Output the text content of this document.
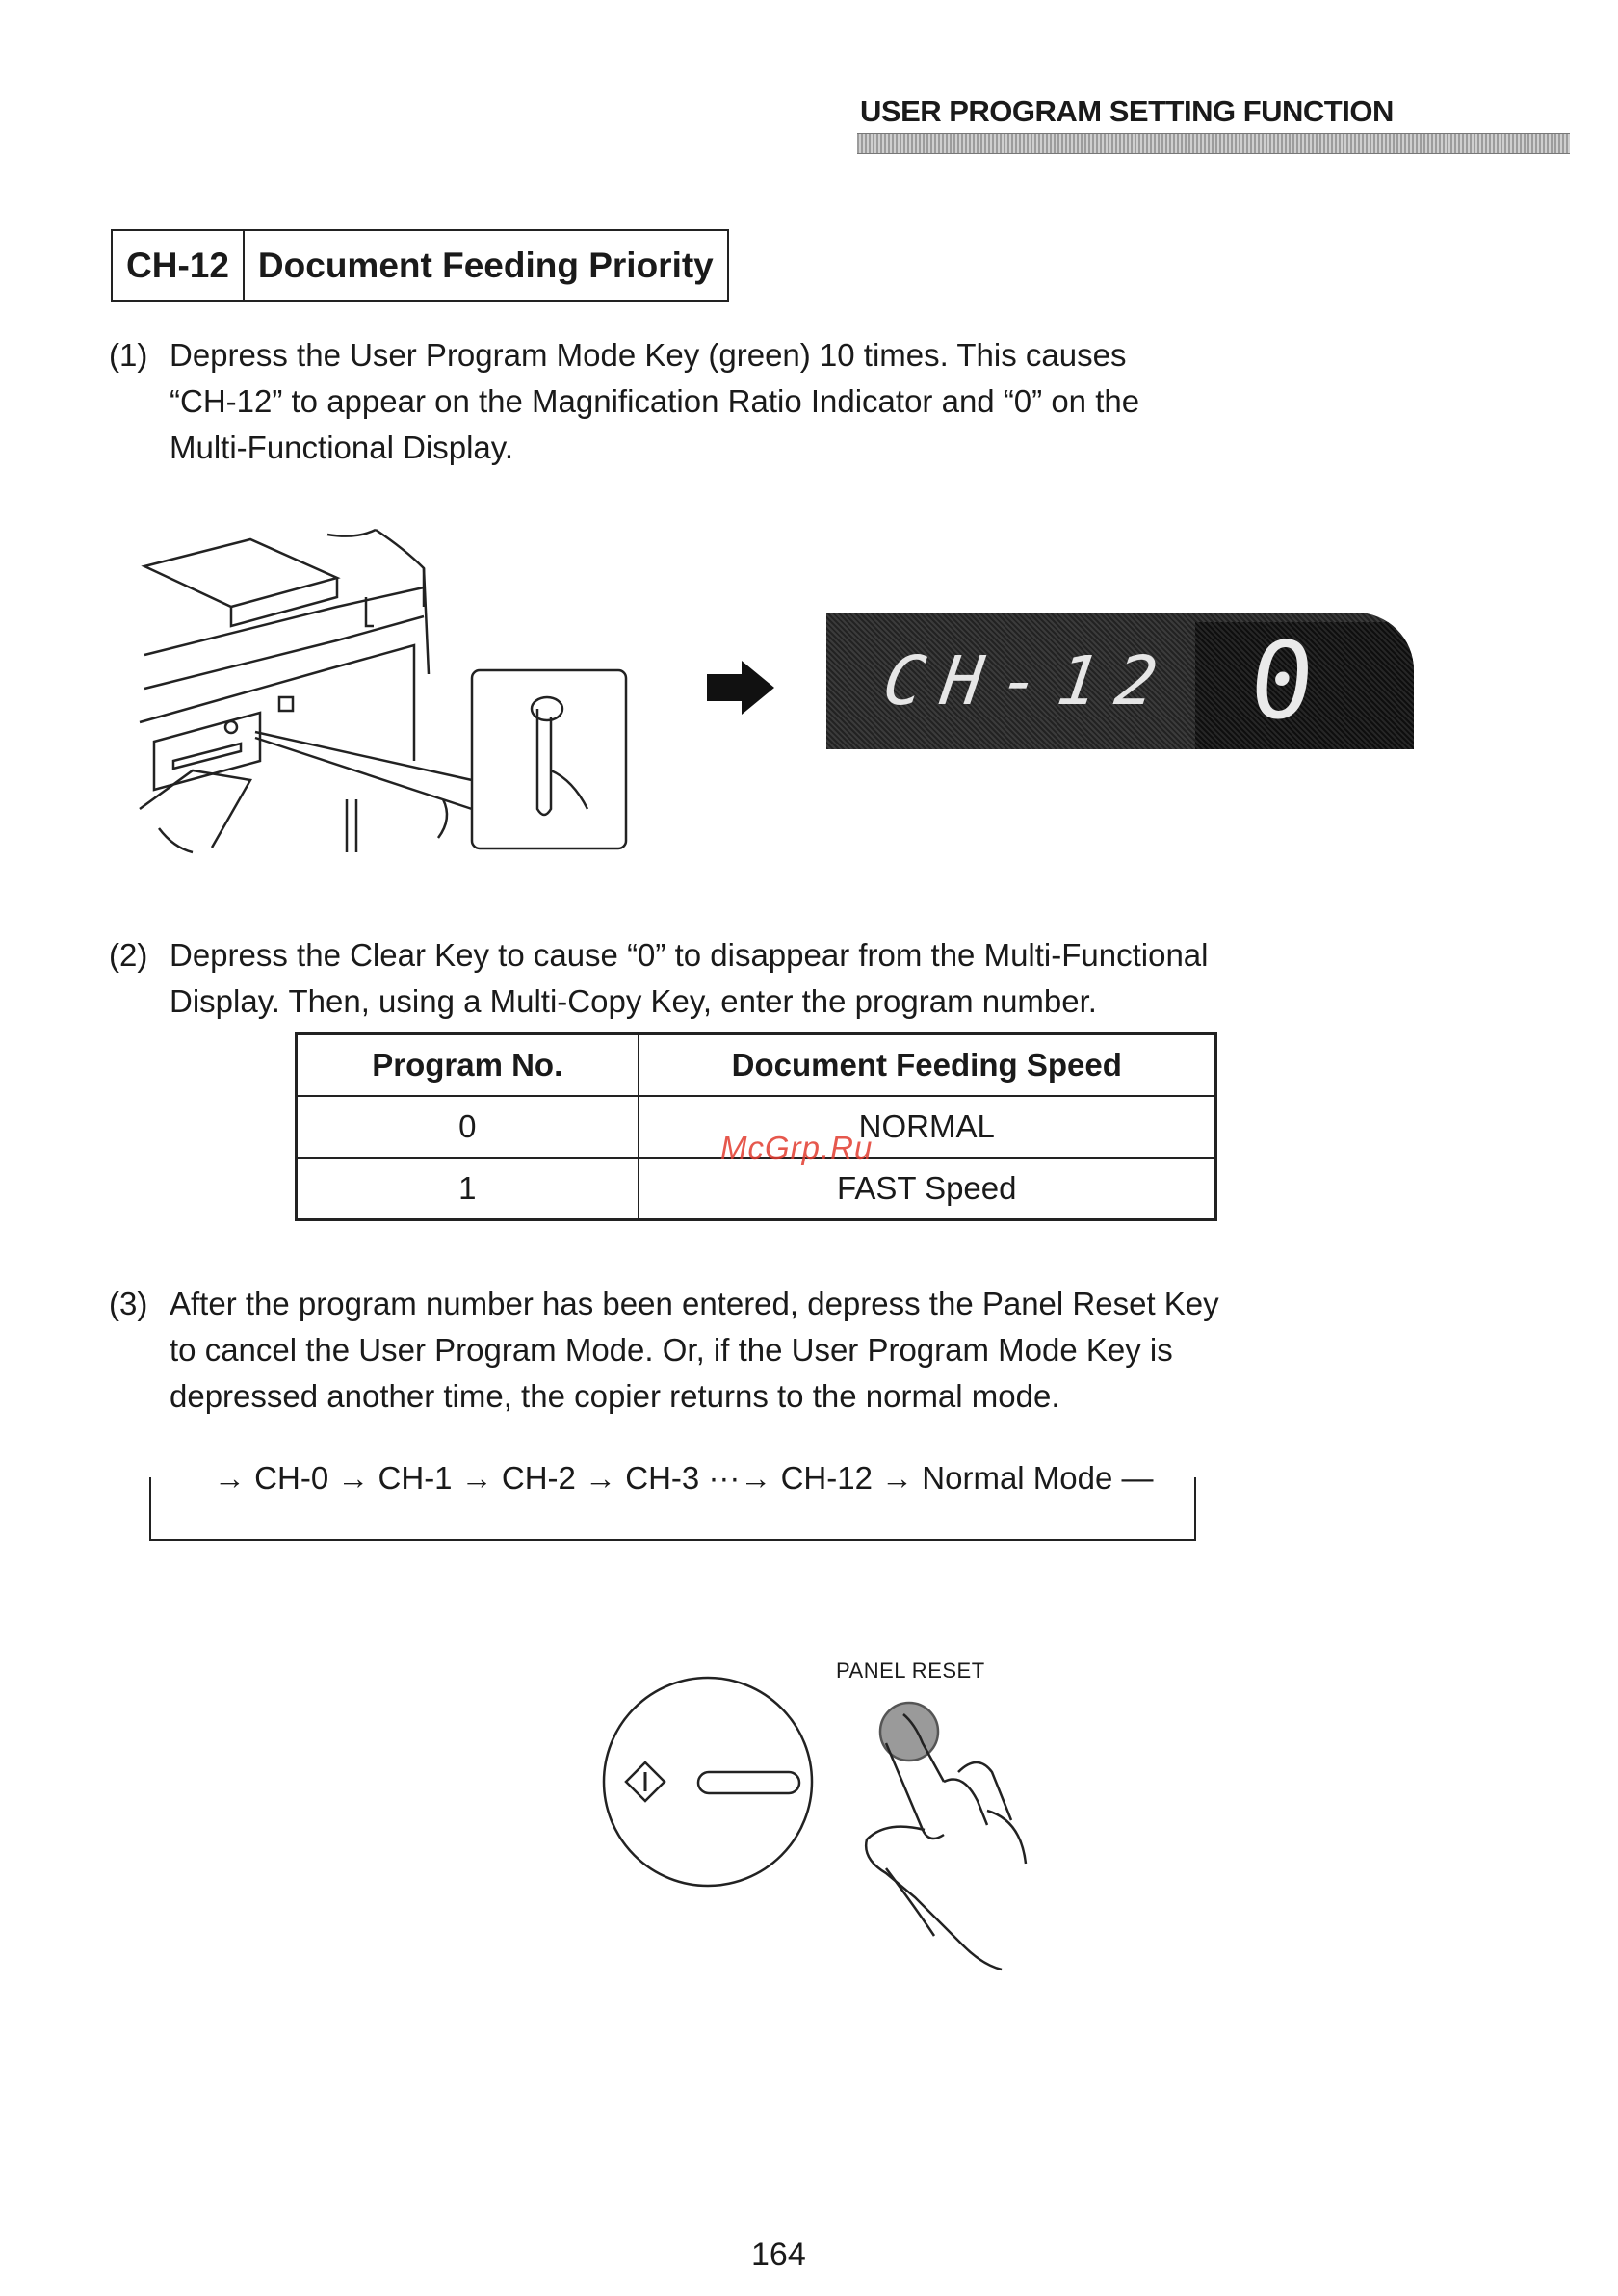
USER PROGRAM SETTING FUNCTION
CH-12 Document Feeding Priority
(1) Depress the User Program Mode Key (green) 10 times. This causes
“CH-12” to appear on the Magnification Ratio Indicator and “0” on the
Multi-Functional Display.
CH-12 0
(2) Depress the Clear Key to cause “0” to disappear from the Multi-Functional
Display. Then, using a Multi-Copy Key, enter the program number.
Program No.	Document Feeding Speed
0	NORMAL
1	FAST Speed
McGrp.Ru
(3) After the program number has been entered, depress the Panel Reset Key
to cancel the User Program Mode. Or, if the User Program Mode Key is
depressed another time, the copier returns to the normal mode.
→ CH-0 → CH-1 → CH-2 → CH-3 ···→ CH-12 → Normal Mode —
PANEL RESET
164
